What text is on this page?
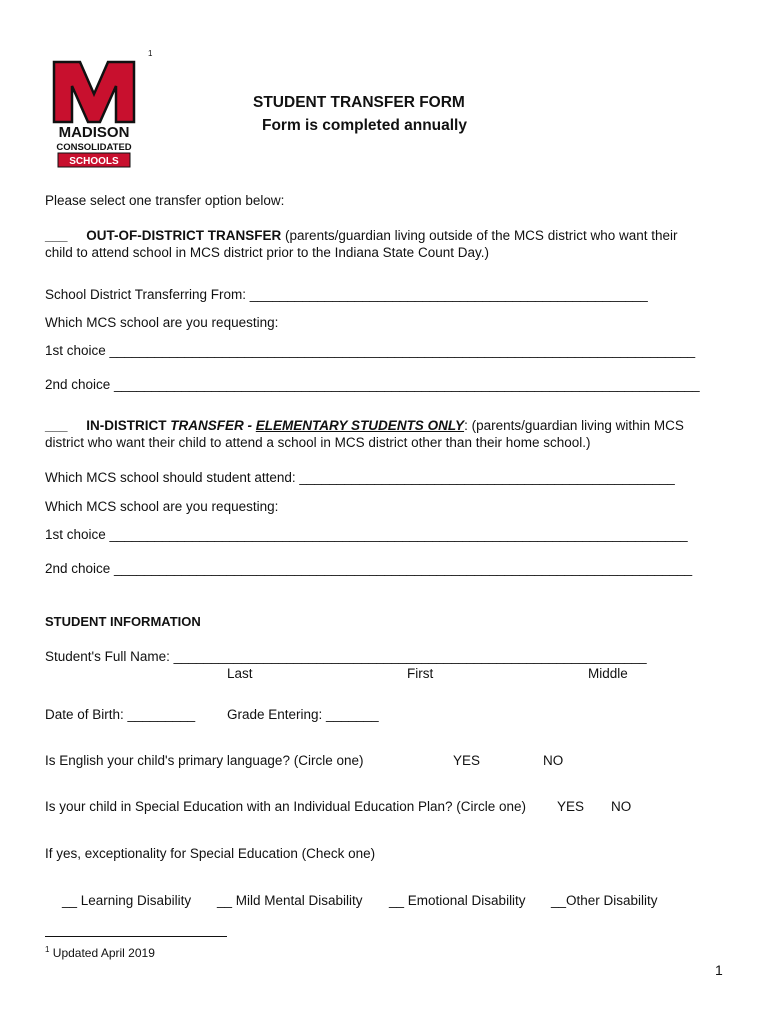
1
MADISON
CONSOLIDATED
SCHOOLS
STUDENT TRANSFER FORM
Form is completed annually
Please select one transfer option below:
___ OUT-OF-DISTRICT TRANSFER (parents/guardian living outside of the MCS district who want their
child to attend school in MCS district prior to the Indiana State Count Day.)
School District Transferring From: _____________________________________________________
Which MCS school are you requesting:
1st choice ______________________________________________________________________________
2nd choice ______________________________________________________________________________
___ IN-DISTRICT TRANSFER - ELEMENTARY STUDENTS ONLY: (parents/guardian living within MCS
district who want their child to attend a school in MCS district other than their home school.)
Which MCS school should student attend: __________________________________________________
Which MCS school are you requesting:
1st choice _____________________________________________________________________________
2nd choice _____________________________________________________________________________
STUDENT INFORMATION
Student's Full Name: _______________________________________________________________
Last	First	Middle
Date of Birth: _________ Grade Entering: _______
Is English your child's primary language? (Circle one)	YES	NO
Is your child in Special Education with an Individual Education Plan? (Circle one) YES NO
If yes, exceptionality for Special Education (Check one)
__ Learning Disability __ Mild Mental Disability __ Emotional Disability __Other Disability
$^1$ Updated April 2019
1
